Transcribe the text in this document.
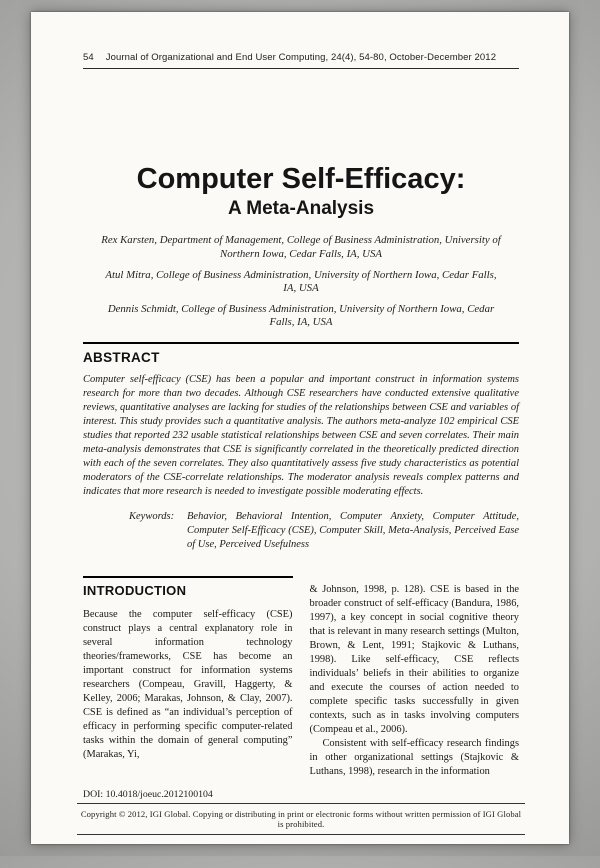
54 Journal of Organizational and End User Computing, 24(4), 54-80, October-December 2012
Computer Self-Efficacy:
A Meta-Analysis

Rex Karsten, Department of Management, College of Business Administration, University of Northern Iowa, Cedar Falls, IA, USA

Atul Mitra, College of Business Administration, University of Northern Iowa, Cedar Falls, IA, USA

Dennis Schmidt, College of Business Administration, University of Northern Iowa, Cedar Falls, IA, USA

ABSTRACT

Computer self-efficacy (CSE) has been a popular and important construct in information systems research for more than two decades. Although CSE researchers have conducted extensive qualitative reviews, quantitative analyses are lacking for studies of the relationships between CSE and variables of interest. This study provides such a quantitative analysis. The authors meta-analyze 102 empirical CSE studies that reported 232 usable statistical relationships between CSE and seven correlates. Their main meta-analysis demonstrates that CSE is significantly correlated in the theoretically predicted direction with each of the seven correlates. They also quantitatively assess five study characteristics as potential moderators of the CSE-correlate relationships. The moderator analysis reveals complex patterns and indicates that more research is needed to investigate possible moderating effects.

Keywords:	Behavior, Behavioral Intention, Computer Anxiety, Computer Attitude, Computer Self-Efficacy (CSE), Computer Skill, Meta-Analysis, Perceived Ease of Use, Perceived Usefulness
INTRODUCTION

Because the computer self-efficacy (CSE) construct plays a central explanatory role in several information technology theories/frameworks, CSE has become an important construct for information systems researchers (Compeau, Gravill, Haggerty, & Kelley, 2006; Marakas, Johnson, & Clay, 2007). CSE is defined as “an individual’s perception of efficacy in performing specific computer-related tasks within the domain of general computing” (Marakas, Yi,

DOI: 10.4018/joeuc.2012100104

& Johnson, 1998, p. 128). CSE is based in the broader construct of self-efficacy (Bandura, 1986, 1997), a key concept in social cognitive theory that is relevant in many research settings (Multon, Brown, & Lent, 1991; Stajkovic & Luthans, 1998). Like self-efficacy, CSE reflects individuals’ beliefs in their abilities to organize and execute the courses of action needed to complete specific tasks successfully in given contexts, such as in tasks involving computers (Compeau et al., 2006).

Consistent with self-efficacy research findings in other organizational settings (Stajkovic & Luthans, 1998), research in the information

Copyright © 2012, IGI Global. Copying or distributing in print or electronic forms without written permission of IGI Global is prohibited.
